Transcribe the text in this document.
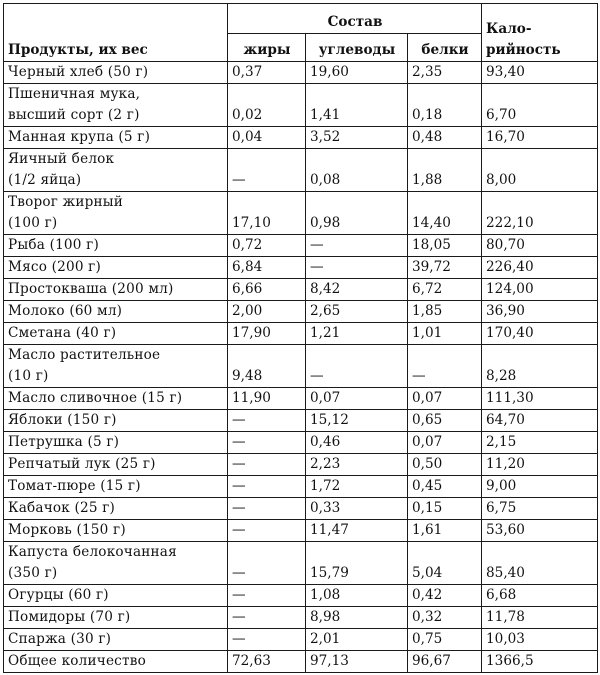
Продукты, их вес	Состав			Кало-
рийность

	жиры	углеводы	белки	

Черный хлеб (50 г)	0,37	19,60	2,35	93,40

Пшеничная мука,
высший сорт (2 г)	0,02	1,41	0,18	6,70

Манная крупа (5 г)	0,04	3,52	0,48	16,70

Яичный белок
(1/2 яйца)	—	0,08	1,88	8,00

Творог жирный
(100 г)	17,10	0,98	14,40	222,10

Рыба (100 г)	0,72	—	18,05	80,70

Мясо (200 г)	6,84	—	39,72	226,40

Простокваша (200 мл)	6,66	8,42	6,72	124,00

Молоко (60 мл)	2,00	2,65	1,85	36,90

Сметана (40 г)	17,90	1,21	1,01	170,40

Масло растительное
(10 г)	9,48	—	—	8,28

Масло сливочное (15 г)	11,90	0,07	0,07	111,30

Яблоки (150 г)	—	15,12	0,65	64,70

Петрушка (5 г)	—	0,46	0,07	2,15

Репчатый лук (25 г)	—	2,23	0,50	11,20

Томат-пюре (15 г)	—	1,72	0,45	9,00

Кабачок (25 г)	—	0,33	0,15	6,75

Морковь (150 г)	—	11,47	1,61	53,60

Капуста белокочанная
(350 г)	—	15,79	5,04	85,40

Огурцы (60 г)	—	1,08	0,42	6,68

Помидоры (70 г)	—	8,98	0,32	11,78

Спаржа (30 г)	—	2,01	0,75	10,03

Общее количество	72,63	97,13	96,67	1366,5
